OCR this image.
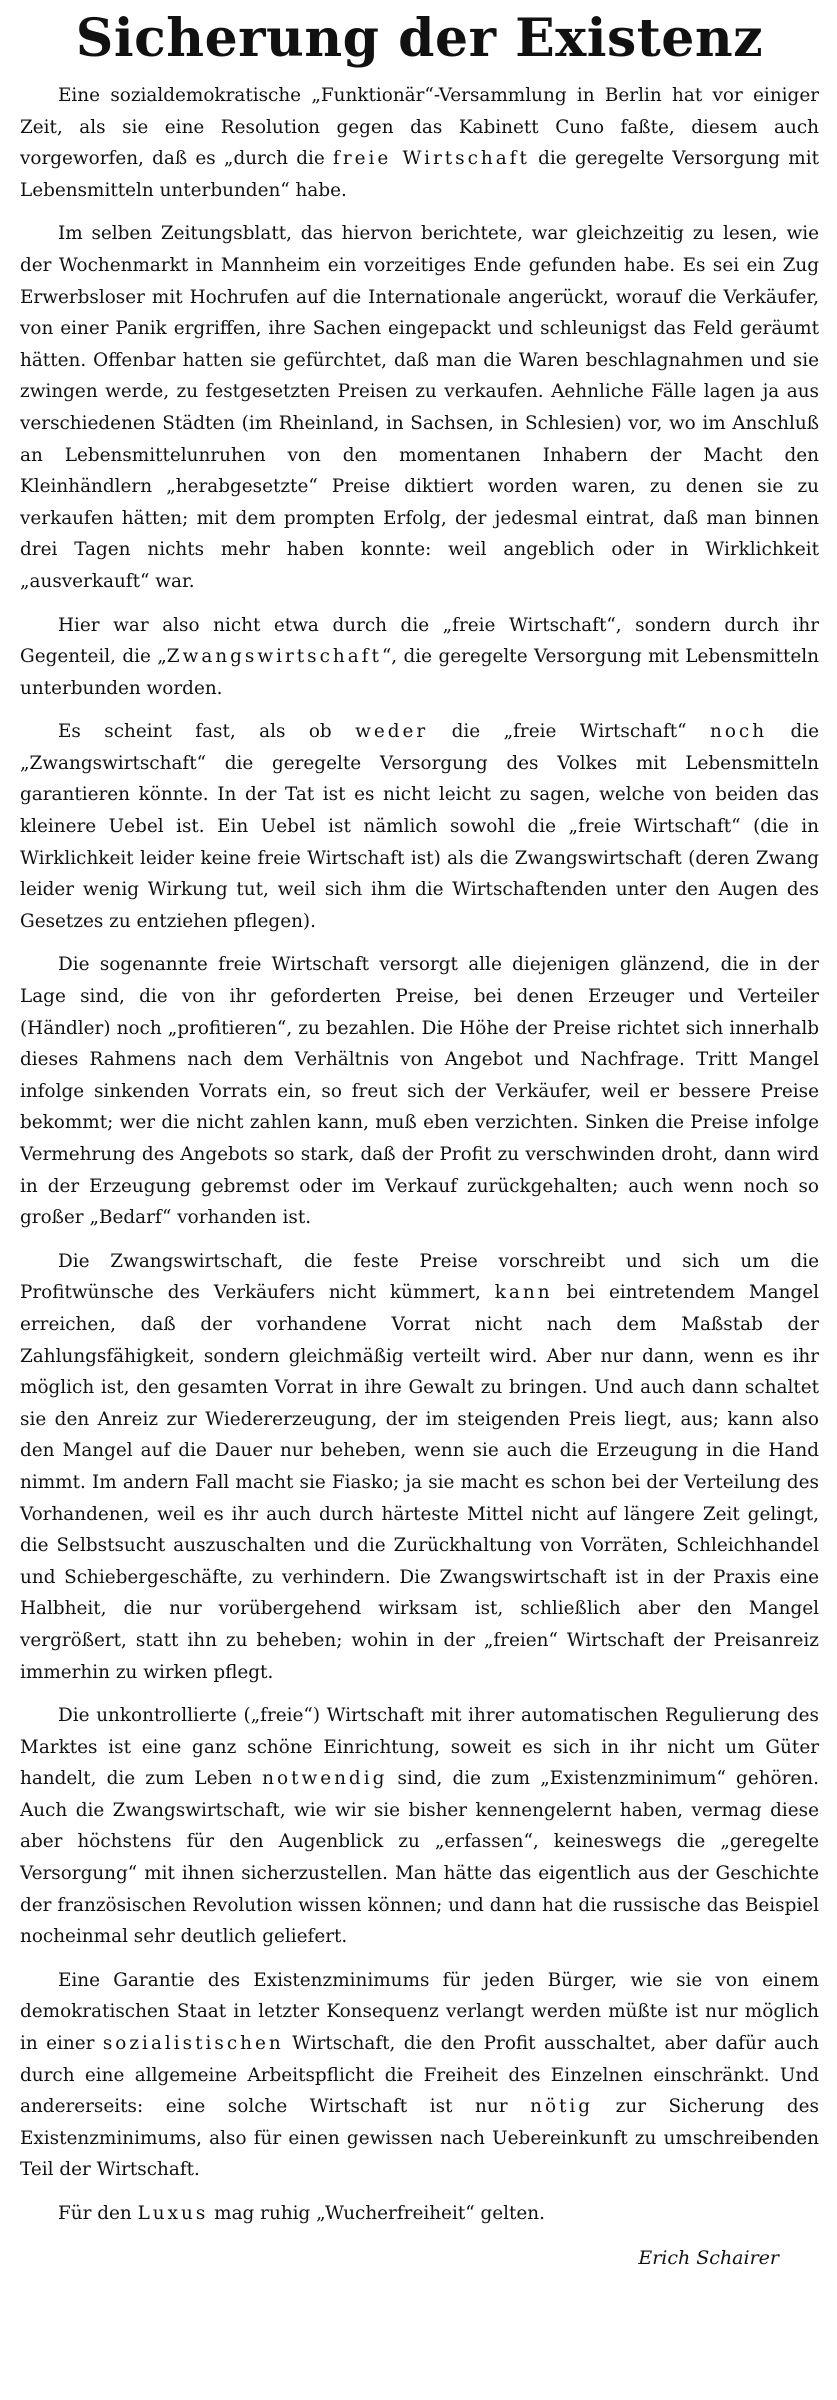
Sicherung der Existenz

Eine sozialdemokratische „Funktionär“-Versammlung in Berlin hat vor einiger Zeit, als sie eine Resolution gegen das Kabinett Cuno faßte, diesem auch vorgeworfen, daß es „durch die freie Wirtschaft die geregelte Versorgung mit Lebensmitteln unterbunden“ habe.

Im selben Zeitungsblatt, das hiervon berichtete, war gleichzeitig zu lesen, wie der Wochenmarkt in Mannheim ein vorzeitiges Ende gefunden habe. Es sei ein Zug Erwerbsloser mit Hochrufen auf die Internationale angerückt, worauf die Verkäufer, von einer Panik ergriffen, ihre Sachen eingepackt und schleunigst das Feld geräumt hätten. Offenbar hatten sie gefürchtet, daß man die Waren beschlagnahmen und sie zwingen werde, zu festgesetzten Preisen zu verkaufen. Aehnliche Fälle lagen ja aus verschiedenen Städten (im Rheinland, in Sachsen, in Schlesien) vor, wo im Anschluß an Lebensmittelunruhen von den momentanen Inhabern der Macht den Kleinhändlern „herabgesetzte“ Preise diktiert worden waren, zu denen sie zu verkaufen hätten; mit dem prompten Erfolg, der jedesmal eintrat, daß man binnen drei Tagen nichts mehr haben konnte: weil angeblich oder in Wirklichkeit „ausverkauft“ war.

Hier war also nicht etwa durch die „freie Wirtschaft“, sondern durch ihr Gegenteil, die „Zwangswirtschaft“, die geregelte Versorgung mit Lebensmitteln unterbunden worden.

Es scheint fast, als ob weder die „freie Wirtschaft“ noch die „Zwangswirtschaft“ die geregelte Versorgung des Volkes mit Lebensmitteln garantieren könnte. In der Tat ist es nicht leicht zu sagen, welche von beiden das kleinere Uebel ist. Ein Uebel ist nämlich sowohl die „freie Wirtschaft“ (die in Wirklichkeit leider keine freie Wirtschaft ist) als die Zwangswirtschaft (deren Zwang leider wenig Wirkung tut, weil sich ihm die Wirtschaftenden unter den Augen des Gesetzes zu entziehen pflegen).

Die sogenannte freie Wirtschaft versorgt alle diejenigen glänzend, die in der Lage sind, die von ihr geforderten Preise, bei denen Erzeuger und Verteiler (Händler) noch „profitieren“, zu bezahlen. Die Höhe der Preise richtet sich innerhalb dieses Rahmens nach dem Verhältnis von Angebot und Nachfrage. Tritt Mangel infolge sinkenden Vorrats ein, so freut sich der Verkäufer, weil er bessere Preise bekommt; wer die nicht zahlen kann, muß eben verzichten. Sinken die Preise infolge Vermehrung des Angebots so stark, daß der Profit zu verschwinden droht, dann wird in der Erzeugung gebremst oder im Verkauf zurückgehalten; auch wenn noch so großer „Bedarf“ vorhanden ist.

Die Zwangswirtschaft, die feste Preise vorschreibt und sich um die Profitwünsche des Verkäufers nicht kümmert, kann bei eintretendem Mangel erreichen, daß der vorhandene Vorrat nicht nach dem Maßstab der Zahlungsfähigkeit, sondern gleichmäßig verteilt wird. Aber nur dann, wenn es ihr möglich ist, den gesamten Vorrat in ihre Gewalt zu bringen. Und auch dann schaltet sie den Anreiz zur Wiedererzeugung, der im steigenden Preis liegt, aus; kann also den Mangel auf die Dauer nur beheben, wenn sie auch die Erzeugung in die Hand nimmt. Im andern Fall macht sie Fiasko; ja sie macht es schon bei der Verteilung des Vorhandenen, weil es ihr auch durch härteste Mittel nicht auf längere Zeit gelingt, die Selbstsucht auszuschalten und die Zurückhaltung von Vorräten, Schleichhandel und Schiebergeschäfte, zu verhindern. Die Zwangswirtschaft ist in der Praxis eine Halbheit, die nur vorübergehend wirksam ist, schließlich aber den Mangel vergrößert, statt ihn zu beheben; wohin in der „freien“ Wirtschaft der Preisanreiz immerhin zu wirken pflegt.

Die unkontrollierte („freie“) Wirtschaft mit ihrer automatischen Regulierung des Marktes ist eine ganz schöne Einrichtung, soweit es sich in ihr nicht um Güter handelt, die zum Leben notwendig sind, die zum „Existenzminimum“ gehören. Auch die Zwangswirtschaft, wie wir sie bisher kennengelernt haben, vermag diese aber höchstens für den Augenblick zu „erfassen“, keineswegs die „geregelte Versorgung“ mit ihnen sicherzustellen. Man hätte das eigentlich aus der Geschichte der französischen Revolution wissen können; und dann hat die russische das Beispiel nocheinmal sehr deutlich geliefert.

Eine Garantie des Existenzminimums für jeden Bürger, wie sie von einem demokratischen Staat in letzter Konsequenz verlangt werden müßte ist nur möglich in einer sozialistischen Wirtschaft, die den Profit ausschaltet, aber dafür auch durch eine allgemeine Arbeitspflicht die Freiheit des Einzelnen einschränkt. Und andererseits: eine solche Wirtschaft ist nur nötig zur Sicherung des Existenzminimums, also für einen gewissen nach Uebereinkunft zu umschreibenden Teil der Wirtschaft.

Für den Luxus mag ruhig „Wucherfreiheit“ gelten.

Erich Schairer
